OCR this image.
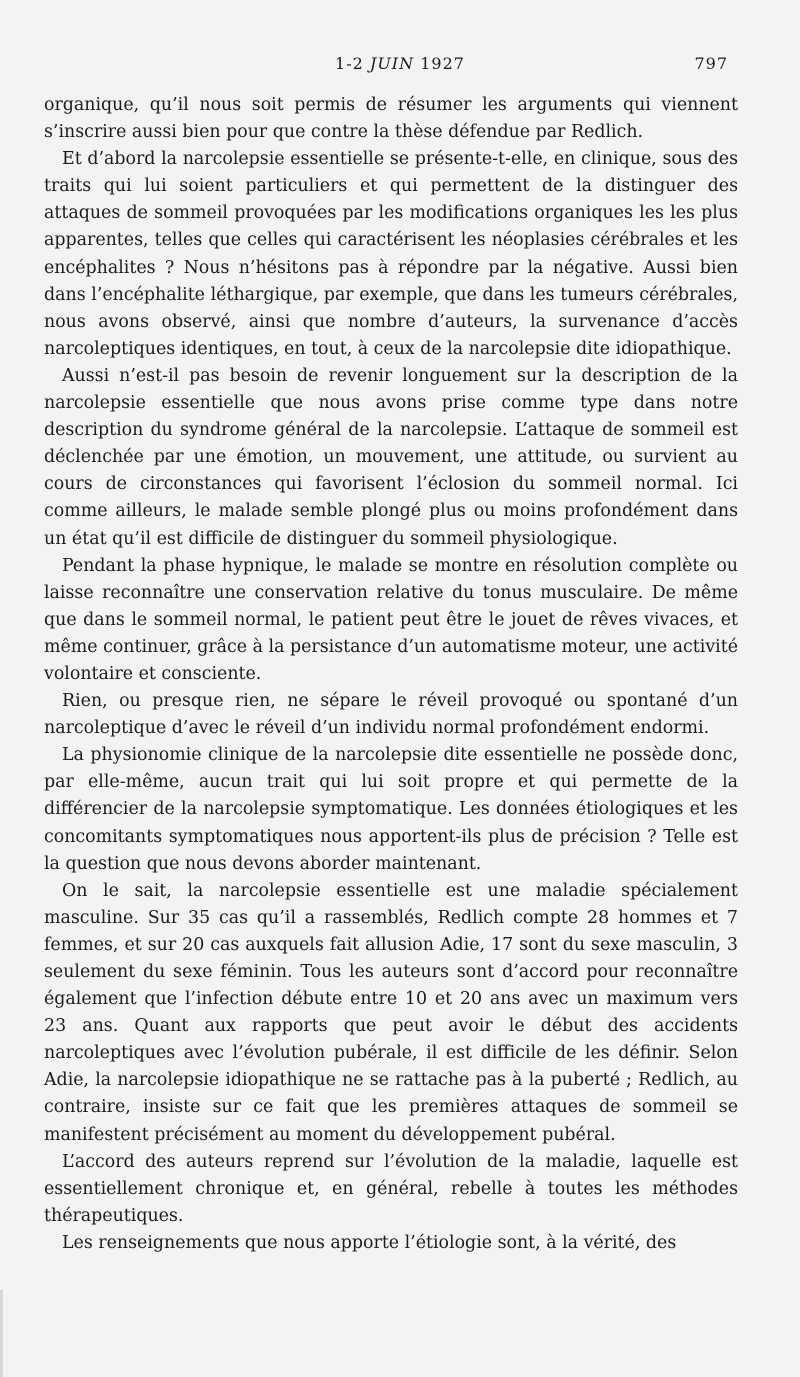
1-2 JUIN 1927	797

organique, qu’il nous soit permis de résumer les arguments qui viennent s’inscrire aussi bien pour que contre la thèse défendue par Redlich.

Et d’abord la narcolepsie essentielle se présente-t-elle, en clinique, sous des traits qui lui soient particuliers et qui permettent de la distinguer des attaques de sommeil provoquées par les modifications organiques les les plus apparentes, telles que celles qui caractérisent les néoplasies cérébrales et les encéphalites ? Nous n’hésitons pas à répondre par la négative. Aussi bien dans l’encéphalite léthargique, par exemple, que dans les tumeurs cérébrales, nous avons observé, ainsi que nombre d’auteurs, la survenance d’accès narcoleptiques identiques, en tout, à ceux de la narcolepsie dite idiopathique.

Aussi n’est-il pas besoin de revenir longuement sur la description de la narcolepsie essentielle que nous avons prise comme type dans notre description du syndrome général de la narcolepsie. L’attaque de sommeil est déclenchée par une émotion, un mouvement, une attitude, ou survient au cours de circonstances qui favorisent l’éclosion du sommeil normal. Ici comme ailleurs, le malade semble plongé plus ou moins profondément dans un état qu’il est difficile de distinguer du sommeil physiologique.

Pendant la phase hypnique, le malade se montre en résolution complète ou laisse reconnaître une conservation relative du tonus musculaire. De même que dans le sommeil normal, le patient peut être le jouet de rêves vivaces, et même continuer, grâce à la persistance d’un automatisme moteur, une activité volontaire et consciente.

Rien, ou presque rien, ne sépare le réveil provoqué ou spontané d’un narcoleptique d’avec le réveil d’un individu normal profondément endormi.

La physionomie clinique de la narcolepsie dite essentielle ne possède donc, par elle-même, aucun trait qui lui soit propre et qui permette de la différencier de la narcolepsie symptomatique. Les données étiologiques et les concomitants symptomatiques nous apportent-ils plus de précision ? Telle est la question que nous devons aborder maintenant.

On le sait, la narcolepsie essentielle est une maladie spécialement masculine. Sur 35 cas qu’il a rassemblés, Redlich compte 28 hommes et 7 femmes, et sur 20 cas auxquels fait allusion Adie, 17 sont du sexe masculin, 3 seulement du sexe féminin. Tous les auteurs sont d’accord pour reconnaître également que l’infection débute entre 10 et 20 ans avec un maximum vers 23 ans. Quant aux rapports que peut avoir le début des accidents narcoleptiques avec l’évolution pubérale, il est difficile de les définir. Selon Adie, la narcolepsie idiopathique ne se rattache pas à la puberté ; Redlich, au contraire, insiste sur ce fait que les premières attaques de sommeil se manifestent précisément au moment du développement pubéral.

L’accord des auteurs reprend sur l’évolution de la maladie, laquelle est essentiellement chronique et, en général, rebelle à toutes les méthodes thérapeutiques.

Les renseignements que nous apporte l’étiologie sont, à la vérité, des
